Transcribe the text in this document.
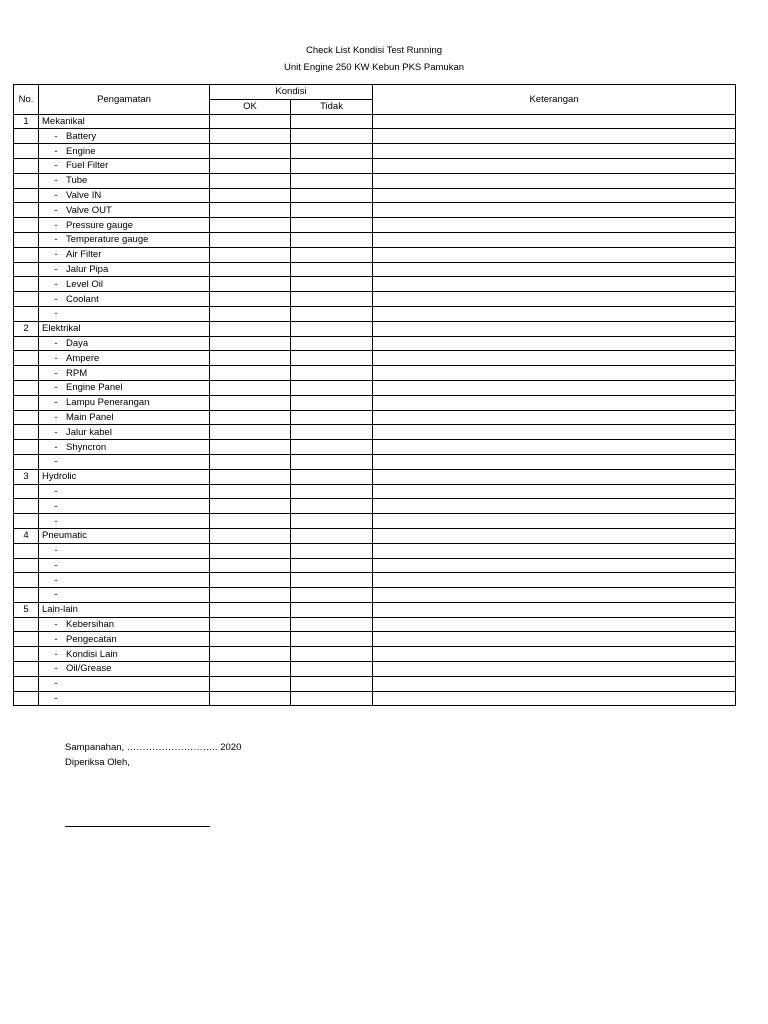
Check List Kondisi Test Running
Unit Engine 250 KW Kebun PKS Pamukan
No.	Pengamatan	Kondisi		Keterangan
		OK	Tidak	
1	Mekanikal			
	- Battery			
	- Engine			
	- Fuel Filter			
	- Tube			
	- Valve IN			
	- Valve OUT			
	- Pressure gauge			
	- Temperature gauge			
	- Air Filter			
	- Jalur Pipa			
	- Level Oil			
	- Coolant			
	-			
2	Elektrikal			
	- Daya			
	- Ampere			
	- RPM			
	- Engine Panel			
	- Lampu Penerangan			
	- Main Panel			
	- Jalur kabel			
	- Shyncron			
	-			
3	Hydrolic			
	-			
	-			
	-			
4	Pneumatic			
	-			
	-			
	-			
	-			
5	Lain-lain			
	- Kebersihan			
	- Pengecatan			
	- Kondisi Lain			
	- Oil/Grease			
	-			
	-			
Sampanahan, ……………………….. 2020
Diperiksa Oleh,
